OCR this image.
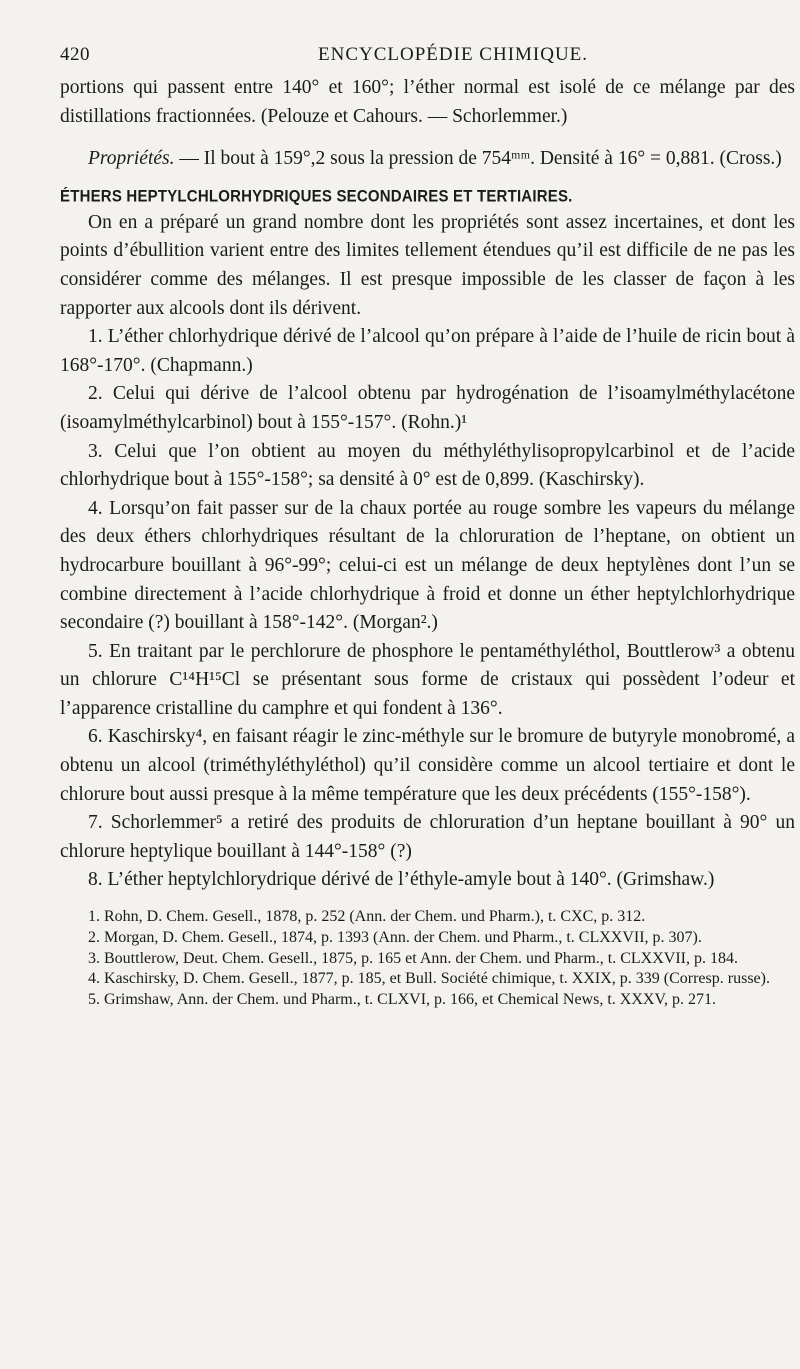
420	ENCYCLOPÉDIE CHIMIQUE.

portions qui passent entre 140° et 160°; l’éther normal est isolé de ce mélange par des distillations fractionnées. (Pelouze et Cahours. — Schorlemmer.)

Propriétés. — Il bout à 159°,2 sous la pression de 754ᵐᵐ. Densité à 16° = 0,881. (Cross.)

ÉTHERS HEPTYLCHLORHYDRIQUES SECONDAIRES ET TERTIAIRES.

On en a préparé un grand nombre dont les propriétés sont assez incertaines, et dont les points d’ébullition varient entre des limites tellement étendues qu’il est difficile de ne pas les considérer comme des mélanges. Il est presque impossible de les classer de façon à les rapporter aux alcools dont ils dérivent.

1. L’éther chlorhydrique dérivé de l’alcool qu’on prépare à l’aide de l’huile de ricin bout à 168°-170°. (Chapmann.)

2. Celui qui dérive de l’alcool obtenu par hydrogénation de l’isoamylméthylacétone (isoamylméthylcarbinol) bout à 155°-157°. (Rohn.)¹

3. Celui que l’on obtient au moyen du méthyléthylisopropylcarbinol et de l’acide chlorhydrique bout à 155°-158°; sa densité à 0° est de 0,899. (Kaschirsky).

4. Lorsqu’on fait passer sur de la chaux portée au rouge sombre les vapeurs du mélange des deux éthers chlorhydriques résultant de la chloruration de l’heptane, on obtient un hydrocarbure bouillant à 96°-99°; celui-ci est un mélange de deux heptylènes dont l’un se combine directement à l’acide chlorhydrique à froid et donne un éther heptylchlorhydrique secondaire (?) bouillant à 158°-142°. (Morgan².)

5. En traitant par le perchlorure de phosphore le pentaméthyléthol, Bouttlerow³ a obtenu un chlorure C¹⁴H¹⁵Cl se présentant sous forme de cristaux qui possèdent l’odeur et l’apparence cristalline du camphre et qui fondent à 136°.

6. Kaschirsky⁴, en faisant réagir le zinc-méthyle sur le bromure de butyryle monobromé, a obtenu un alcool (triméthyléthyléthol) qu’il considère comme un alcool tertiaire et dont le chlorure bout aussi presque à la même température que les deux précédents (155°-158°).

7. Schorlemmer⁵ a retiré des produits de chloruration d’un heptane bouillant à 90° un chlorure heptylique bouillant à 144°-158° (?)

8. L’éther heptylchlorydrique dérivé de l’éthyle-amyle bout à 140°. (Grimshaw.)

1. Rohn, D. Chem. Gesell., 1878, p. 252 (Ann. der Chem. und Pharm.), t. CXC, p. 312.

2. Morgan, D. Chem. Gesell., 1874, p. 1393 (Ann. der Chem. und Pharm., t. CLXXVII, p. 307).

3. Bouttlerow, Deut. Chem. Gesell., 1875, p. 165 et Ann. der Chem. und Pharm., t. CLXXVII, p. 184.

4. Kaschirsky, D. Chem. Gesell., 1877, p. 185, et Bull. Société chimique, t. XXIX, p. 339 (Corresp. russe).

5. Grimshaw, Ann. der Chem. und Pharm., t. CLXVI, p. 166, et Chemical News, t. XXXV, p. 271.
